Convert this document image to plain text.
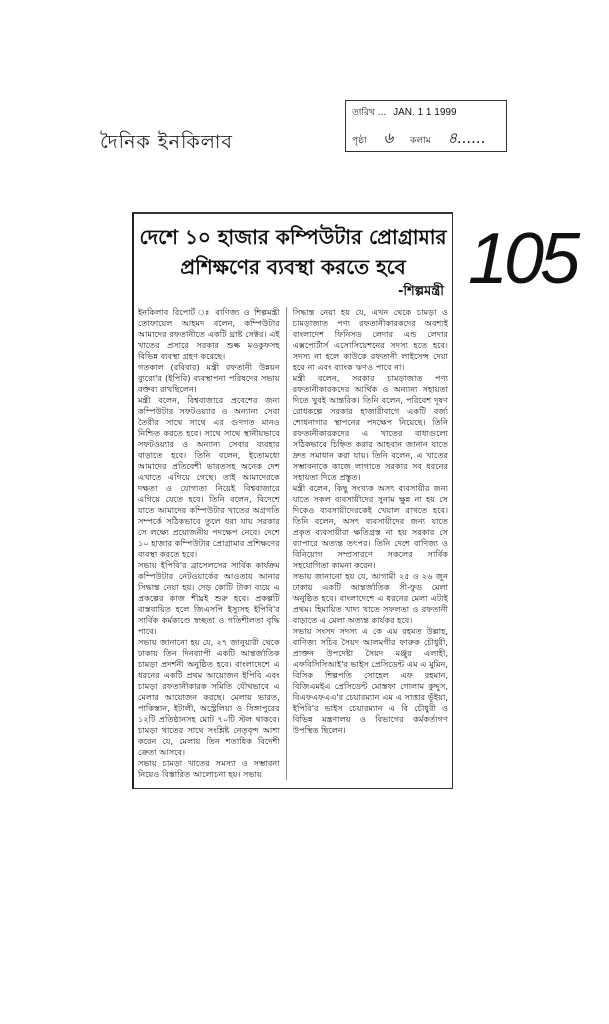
দৈনিক ইনকিলাব
তারিখ ... JAN. 1 1 1999
পৃষ্ঠা ৬ কলাম ৪......
105
দেশে ১০ হাজার কম্পিউটার প্রোগ্রামার
প্রশিক্ষণের ব্যবস্থা করতে হবে
-শিল্পমন্ত্রী

ইনকিলাব রিপোর্ট ঃ বাণিজ্য ও শিল্পমন্ত্রী তোফায়েল আহমদ বলেন, কম্পিউটার আমাদের রফতানীতে একটি থ্রাষ্ট সেক্টর। এই খাতের প্রসারে সরকার শুল্ক মওকুফসহ বিভিন্ন ব্যবস্থা গ্রহণ করেছে।

গতকাল (রবিবার) মন্ত্রী রফতানী উন্নয়ন ব্যুরো'র (ইপিবি) ব্যবস্থাপনা পরিষদের সভায় বক্তব্য রাখছিলেন।

মন্ত্রী বলেন, বিশ্ববাজারে প্রবেশের জন্য কম্পিউটার সফটওয়্যার ও অন্যান্য সেবা তৈরীর সাথে সাথে এর গুণগত মানও নিশ্চিত করতে হবে। সাথে সাথে স্থানীয়ভাবে সফটওয়্যার ও অন্যান্য সেবার ব্যবহার বাড়াতে হবে। তিনি বলেন, ইতোমধ্যে আমাদের প্রতিবেশী ভারতসহ অনেক দেশ এখাতে এগিয়ে গেছে। তাই আমাদেরকে দক্ষতা ও যোগ্যতা নিয়েই বিশ্ববাজারে এগিয়ে যেতে হবে। তিনি বলেন, বিদেশে যাতে আমাদের কম্পিউটার খাতের অগ্রগতি সম্পর্কে সঠিকভাবে তুলে ধরা যায় সরকার সে লক্ষ্যে প্রয়োজনীয় পদক্ষেপ নেবে। দেশে ১০ হাজার কম্পিউটার প্রোগ্রামার প্রশিক্ষণের ব্যবস্থা করতে হবে।

সভায় ইপিবি'র ব্রাসেলসের সার্বিক কার্যক্রম কম্পিউটার নেটওয়ার্কের আওতায় আনার সিদ্ধান্ত নেয়া হয়। দেড় কোটি টাকা ব্যয়ে এ প্রকল্পের কাজ শীঘ্রই শুরু হবে। প্রকল্পটি বাস্তবায়িত হলে জিএসপি ইস্যুসহ ইপিবি'র সার্বিক কর্মকাণ্ডে স্বচ্ছতা ও গতিশীলতা বৃদ্ধি পাবে।

সভায় জানানো হয় যে, ২৭ জানুয়ারী থেকে ঢাকায় তিন দিনব্যাপী একটি আন্তর্জাতিক চামড়া প্রদর্শনী অনুষ্ঠিত হবে। বাংলাদেশে এ ধরনের একটি প্রথম আয়োজন ইপিবি এবং চামড়া রফতানীকারক সমিতি যৌথভাবে এ মেলার আয়োজন করছে। মেলায় ভারত, পাকিস্তান, ইটালী, অস্ট্রেলিয়া ও সিঙ্গাপুরের ১২টি প্রতিষ্ঠানসহ মোট ৭০টি স্টল থাকবে। চামড়া খাতের সাথে সংশ্লিষ্ট নেতৃবৃন্দ আশা করেন যে, মেলায় তিন শতাধিক বিদেশী ক্রেতা আসবে।

সভায় চামড়া খাতের সমস্যা ও সম্ভাবনা নিয়েও বিস্তারিত আলোচনা হয়। সভায়

সিদ্ধান্ত নেয়া হয় যে, এখন থেকে চামড়া ও চামড়াজাত পণ্য রফতানীকারকদের অবশ্যই বাংলাদেশ ফিনিসড লেদার এন্ড লেদার এক্সপোর্টার্স এসোসিয়েশনের সদস্য হতে হবে। সদস্য না হলে কাউকে রফতানী লাইসেন্স দেয়া হবে না এবং ব্যাংক ঋণও পাবে না।

মন্ত্রী বলেন, সরকার চামড়াজাত পণ্য রফতানীকারকদের আর্থিক ও অন্যান্য সহায়তা দিতে খুবই আন্তরিক। তিনি বলেন, পরিবেশ দূষণ রোধকল্পে সরকার হাজারীবাগে একটি বর্জ্য শোধনাগার স্থাপনের পদক্ষেপ নিয়েছে। তিনি রফতানীকারকদের এ খাতের বাধাগুলো সঠিকভাবে চিহ্নিত করার আহবান জানান যাতে দ্রুত সমাধান করা যায়। তিনি বলেন, এ খাতের সম্ভাবনাকে কাজে লাগাতে সরকার সব ধরনের সহায়তা দিতে প্রস্তুত।

মন্ত্রী বলেন, কিছু সংখ্যক অসৎ ব্যবসায়ীর জন্য যাতে সকল ব্যবসায়ীদের সুনাম ক্ষুন্ন না হয় সে দিকেও ব্যবসায়ীদেরকেই খেয়াল রাখতে হবে। তিনি বলেন, অসৎ ব্যবসায়ীদের জন্য যাতে প্রকৃত ব্যবসায়ীরা ক্ষতিগ্রস্ত না হয় সরকার সে ব্যাপারে অত্যন্ত তৎপর। তিনি দেশে বাণিজ্য ও বিনিয়োগ সম্প্রসারণে সকলের সার্বিক সহযোগিতা কামনা করেন।

সভায় জানানো হয় যে, আগামী ২৫ ও ২৬ জুন ঢাকায় একটি আন্তর্জাতিক সী-ফুড মেলা অনুষ্ঠিত হবে। বাংলাদেশে এ ধরনের মেলা এটাই প্রথম। হিমায়িত খাদ্য খাতে সফলতা ও রফতানী বাড়াতে এ মেলা অত্যন্ত কার্যকর হবে।

সভায় সংসদ সদস্য এ কে এম রহমত উল্লাহ, বাণিজ্য সচিব সৈয়দ আলমগীর ফারুক চৌধুরী, প্রাক্তন উপদেষ্টা সৈয়দ মঞ্জুর এলাহী, এফবিসিসিআই'র ভাইস প্রেসিডেন্ট এম এ মুমিন, বিসিক শিল্পপতি সোহেল এফ রহমান, বিজিএমইএ প্রেসিডেন্ট মোস্তফা গোলাম কুদ্দুস, বিএফএফএএ'র চেয়ারম্যান এম এ সাত্তার ভূঁইয়া, ইপিবি'র ভাইস চেয়ারম্যান এ বি চৌধুরী ও বিভিন্ন মন্ত্রণালয় ও বিভাগের কর্মকর্তাগণ উপস্থিত ছিলেন।
